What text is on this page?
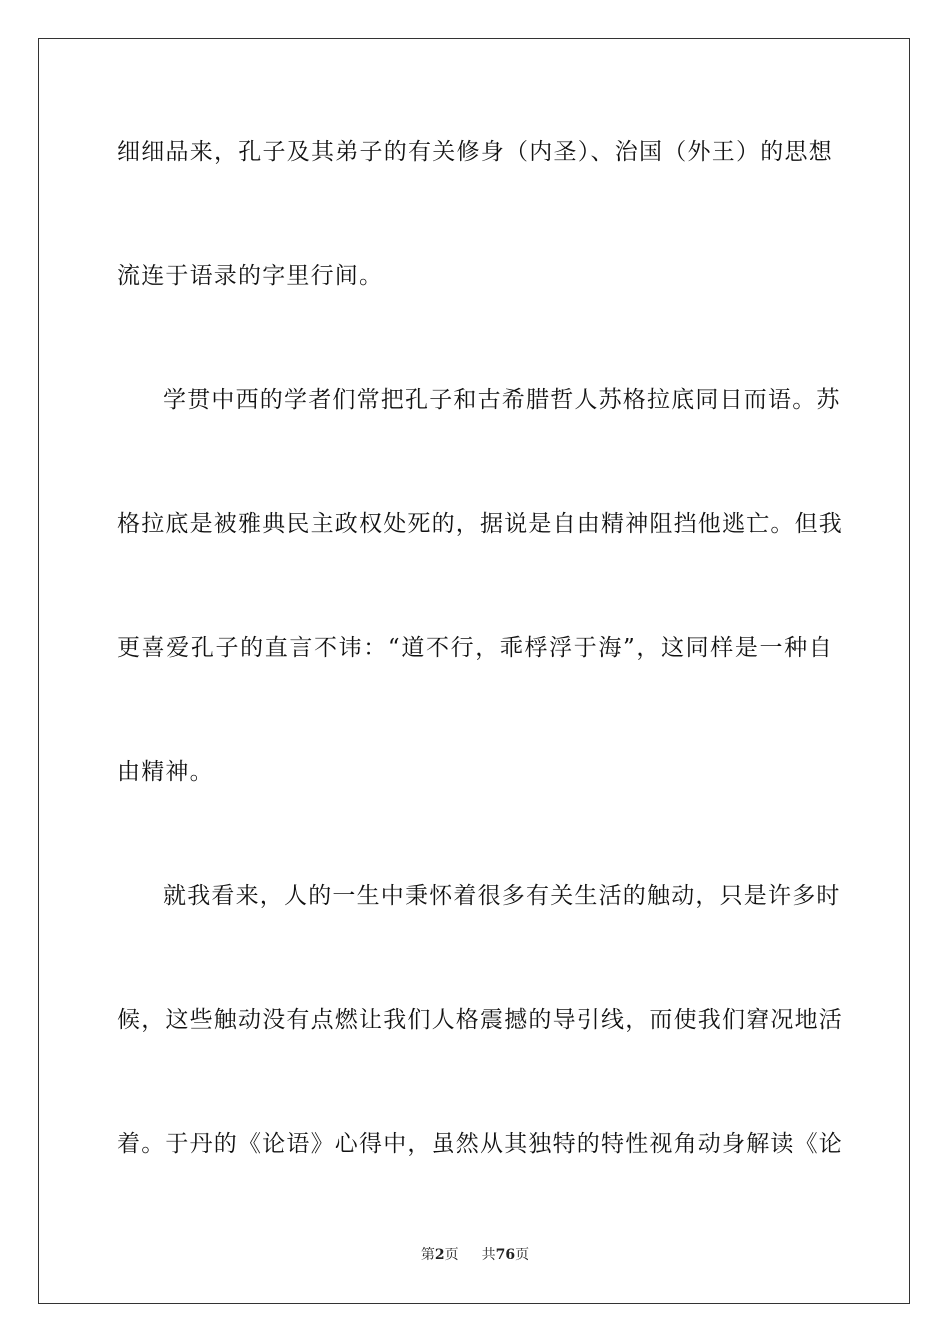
细细品来，孔子及其弟子的有关修身（内圣）、治国（外王）的思想
流连于语录的字里行间。
学贯中西的学者们常把孔子和古希腊哲人苏格拉底同日而语。苏
格拉底是被雅典民主政权处死的，据说是自由精神阻挡他逃亡。但我
更喜爱孔子的直言不讳：“道不行，乖桴浮于海”，这同样是一种自
由精神。
就我看来，人的一生中秉怀着很多有关生活的触动，只是许多时
候，这些触动没有点燃让我们人格震撼的导引线，而使我们窘况地活
着。于丹的《论语》心得中，虽然从其独特的特性视角动身解读《论
第2页 共76页
